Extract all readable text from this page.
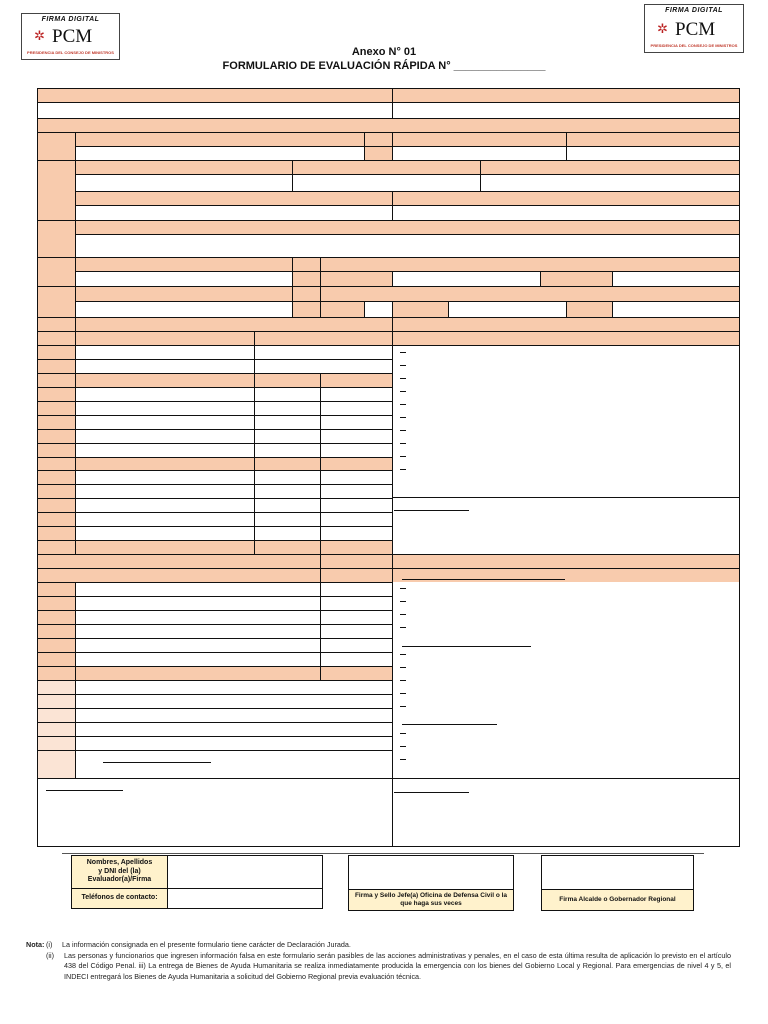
FIRMA DIGITAL
✲ PCM
PRESIDENCIA DEL CONSEJO DE MINISTROS
FIRMA DIGITAL
✲ PCM
PRESIDENCIA DEL CONSEJO DE MINISTROS
Anexo N° 01
FORMULARIO DE EVALUACIÓN RÁPIDA N° _______________
Nombres, Apellidos y DNI del (la) Evaluador(a)/Firma
Teléfonos de contacto:	Firma y Sello Jefe(a) Oficina de Defensa Civil o la que haga sus veces
Firma Alcalde o Gobernador Regional
Nota: (i) La información consignada en el presente formulario tiene carácter de Declaración Jurada.
(ii) Las personas y funcionarios que ingresen información falsa en este formulario serán pasibles de las acciones administrativas y penales, en el caso de esta última resulta de aplicación lo previsto en el artículo 438 del Código Penal. iii) La entrega de Bienes de Ayuda Humanitaria se realiza inmediatamente producida la emergencia con los bienes del Gobierno Local y Regional. Para emergencias de nivel 4 y 5, el INDECI entregará los Bienes de Ayuda Humanitaria a solicitud del Gobierno Regional previa evaluación técnica.
